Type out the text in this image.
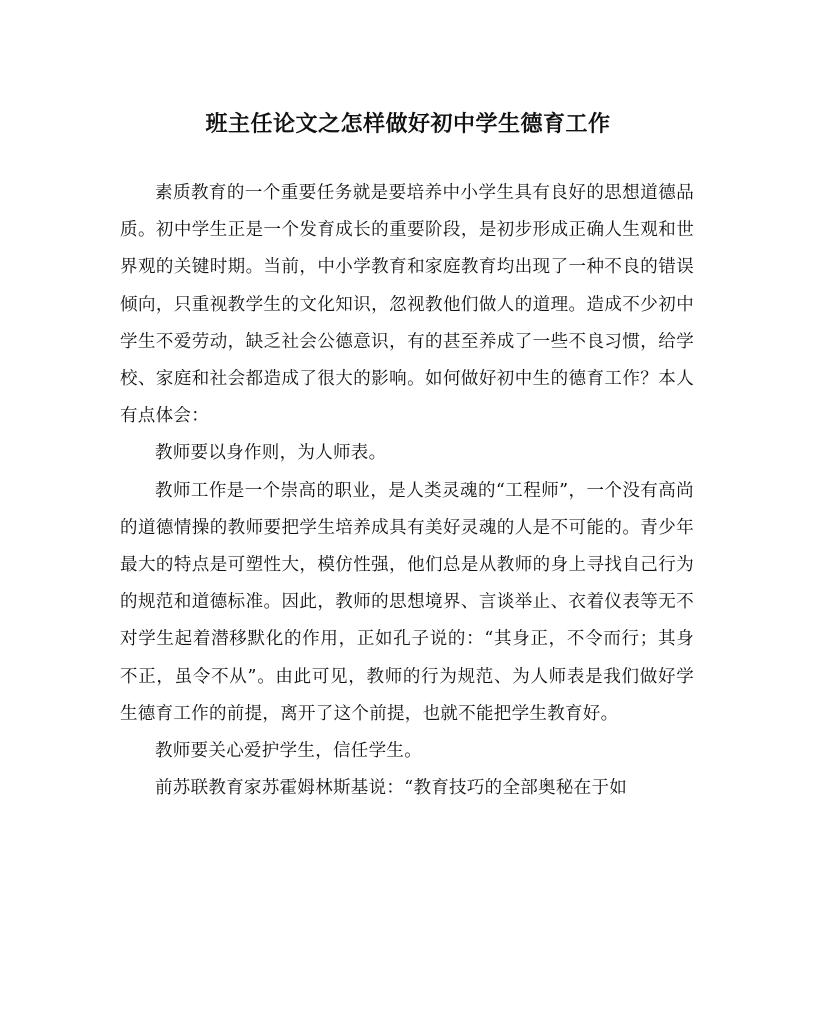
班主任论文之怎样做好初中学生德育工作

素质教育的一个重要任务就是要培养中小学生具有良好的思想道德品质。初中学生正是一个发育成长的重要阶段，是初步形成正确人生观和世界观的关键时期。当前，中小学教育和家庭教育均出现了一种不良的错误倾向，只重视教学生的文化知识，忽视教他们做人的道理。造成不少初中学生不爱劳动，缺乏社会公德意识，有的甚至养成了一些不良习惯，给学校、家庭和社会都造成了很大的影响。如何做好初中生的德育工作？本人有点体会：

教师要以身作则，为人师表。

教师工作是一个崇高的职业，是人类灵魂的“工程师”，一个没有高尚的道德情操的教师要把学生培养成具有美好灵魂的人是不可能的。青少年最大的特点是可塑性大，模仿性强，他们总是从教师的身上寻找自己行为的规范和道德标准。因此，教师的思想境界、言谈举止、衣着仪表等无不对学生起着潜移默化的作用，正如孔子说的：“其身正，不令而行；其身不正，虽令不从”。由此可见，教师的行为规范、为人师表是我们做好学生德育工作的前提，离开了这个前提，也就不能把学生教育好。

教师要关心爱护学生，信任学生。

前苏联教育家苏霍姆林斯基说：“教育技巧的全部奥秘在于如
